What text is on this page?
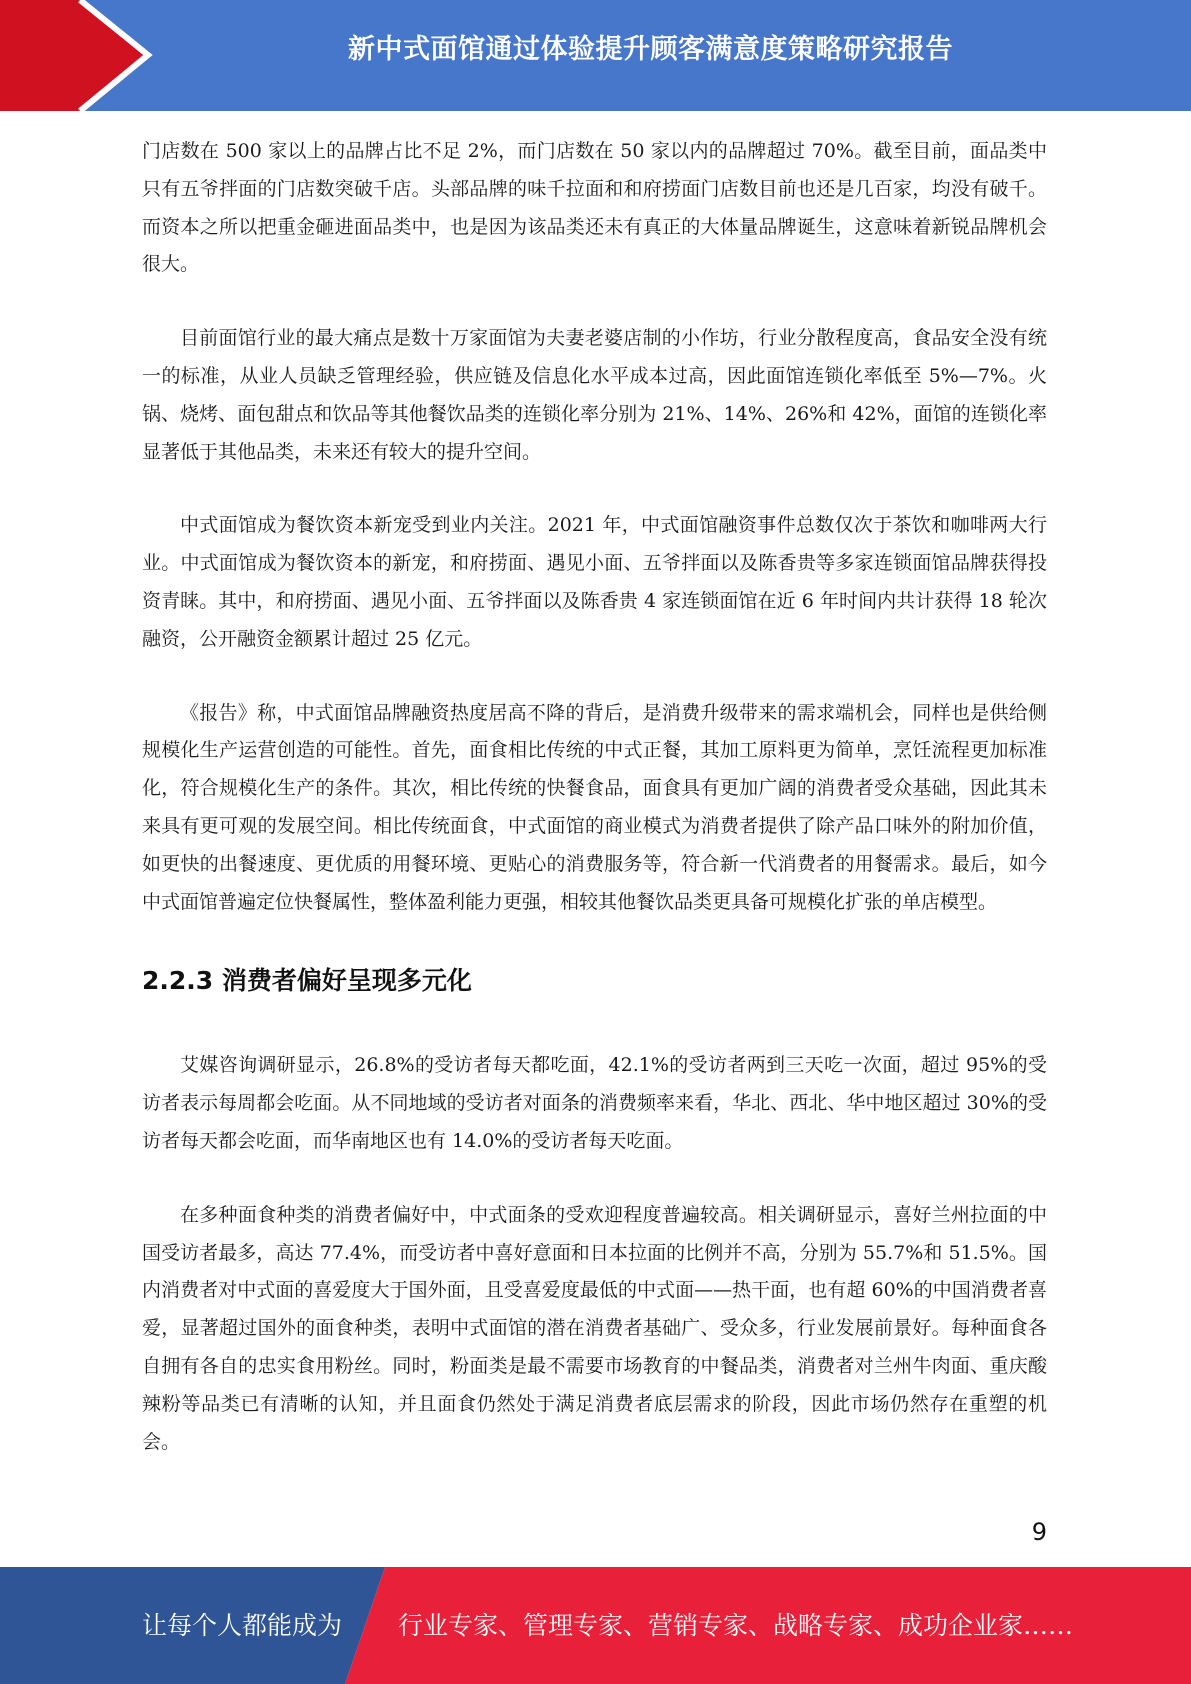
新中式面馆通过体验提升顾客满意度策略研究报告

门店数在 500 家以上的品牌占比不足 2%，而门店数在 50 家以内的品牌超过 70%。截至目前，面品类中只有五爷拌面的门店数突破千店。头部品牌的味千拉面和和府捞面门店数目前也还是几百家，均没有破千。而资本之所以把重金砸进面品类中，也是因为该品类还未有真正的大体量品牌诞生，这意味着新锐品牌机会很大。

目前面馆行业的最大痛点是数十万家面馆为夫妻老婆店制的小作坊，行业分散程度高，食品安全没有统一的标准，从业人员缺乏管理经验，供应链及信息化水平成本过高，因此面馆连锁化率低至 5%—7%。火锅、烧烤、面包甜点和饮品等其他餐饮品类的连锁化率分别为 21%、14%、26%和 42%，面馆的连锁化率显著低于其他品类，未来还有较大的提升空间。

中式面馆成为餐饮资本新宠受到业内关注。2021 年，中式面馆融资事件总数仅次于茶饮和咖啡两大行业。中式面馆成为餐饮资本的新宠，和府捞面、遇见小面、五爷拌面以及陈香贵等多家连锁面馆品牌获得投资青睐。其中，和府捞面、遇见小面、五爷拌面以及陈香贵 4 家连锁面馆在近 6 年时间内共计获得 18 轮次融资，公开融资金额累计超过 25 亿元。

《报告》称，中式面馆品牌融资热度居高不降的背后，是消费升级带来的需求端机会，同样也是供给侧规模化生产运营创造的可能性。首先，面食相比传统的中式正餐，其加工原料更为简单，烹饪流程更加标准化，符合规模化生产的条件。其次，相比传统的快餐食品，面食具有更加广阔的消费者受众基础，因此其未来具有更可观的发展空间。相比传统面食，中式面馆的商业模式为消费者提供了除产品口味外的附加价值，如更快的出餐速度、更优质的用餐环境、更贴心的消费服务等，符合新一代消费者的用餐需求。最后，如今中式面馆普遍定位快餐属性，整体盈利能力更强，相较其他餐饮品类更具备可规模化扩张的单店模型。

2.2.3 消费者偏好呈现多元化

艾媒咨询调研显示，26.8%的受访者每天都吃面，42.1%的受访者两到三天吃一次面，超过 95%的受访者表示每周都会吃面。从不同地域的受访者对面条的消费频率来看，华北、西北、华中地区超过 30%的受访者每天都会吃面，而华南地区也有 14.0%的受访者每天吃面。

在多种面食种类的消费者偏好中，中式面条的受欢迎程度普遍较高。相关调研显示，喜好兰州拉面的中国受访者最多，高达 77.4%，而受访者中喜好意面和日本拉面的比例并不高，分别为 55.7%和 51.5%。国内消费者对中式面的喜爱度大于国外面，且受喜爱度最低的中式面——热干面，也有超 60%的中国消费者喜爱，显著超过国外的面食种类，表明中式面馆的潜在消费者基础广、受众多，行业发展前景好。每种面食各自拥有各自的忠实食用粉丝。同时，粉面类是最不需要市场教育的中餐品类，消费者对兰州牛肉面、重庆酸辣粉等品类已有清晰的认知，并且面食仍然处于满足消费者底层需求的阶段，因此市场仍然存在重塑的机会。

9
让每个人都能成为 行业专家、管理专家、营销专家、战略专家、成功企业家……
